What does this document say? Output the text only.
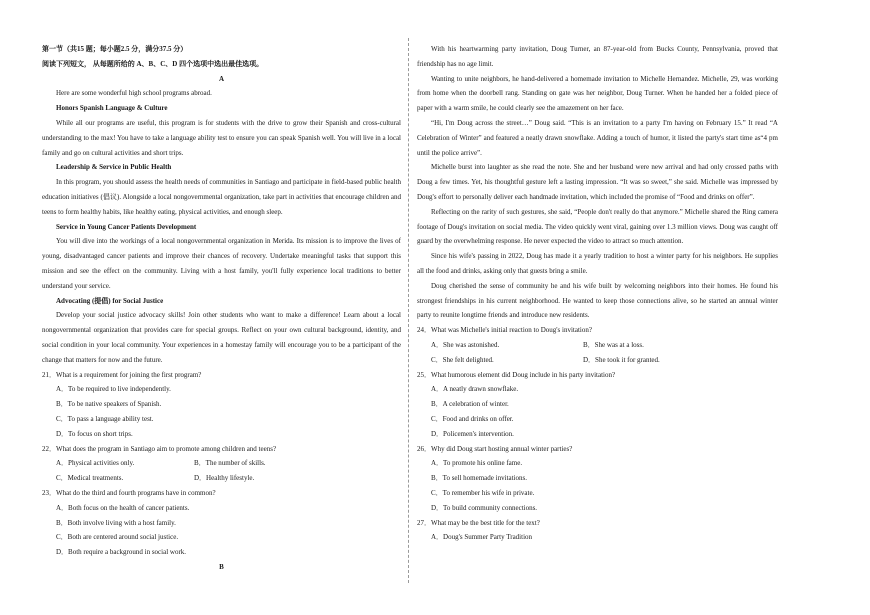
第一节（共15 题；每小题2.5 分，满分37.5 分）

阅读下列短文， 从每题所给的 A、B、C、D 四个选项中选出最佳选项。

A

Here are some wonderful high school programs abroad.

Honors Spanish Language & Culture

While all our programs are useful, this program is for students with the drive to grow their Spanish and cross-cultural understanding to the max! You have to take a language ability test to ensure you can speak Spanish well. You will live in a local family and go on cultural activities and short trips.

Leadership & Service in Public Health

In this program, you should assess the health needs of communities in Santiago and participate in field-based public health education initiatives (倡议). Alongside a local nongovernmental organization, take part in activities that encourage children and teens to form healthy habits, like healthy eating, physical activities, and enough sleep.

Service in Young Cancer Patients Development

You will dive into the workings of a local nongovernmental organization in Merida. Its mission is to improve the lives of young, disadvantaged cancer patients and improve their chances of recovery. Undertake meaningful tasks that support this mission and see the effect on the community. Living with a host family, you'll fully experience local traditions to better understand your service.

Advocating (提倡) for Social Justice

Develop your social justice advocacy skills! Join other students who want to make a difference! Learn about a local nongovernmental organization that provides care for special groups. Reflect on your own cultural background, identity, and social condition in your local community. Your experiences in a homestay family will encourage you to be a participant of the change that matters for now and the future.

21．What is a requirement for joining the first program?

A．To be required to live independently.

B．To be native speakers of Spanish.

C．To pass a language ability test.

D．To focus on short trips.

22．What does the program in Santiago aim to promote among children and teens?

A．Physical activities only.	B．The number of skills.
C．Medical treatments.	D．Healthy lifestyle.

23．What do the third and fourth programs have in common?

A．Both focus on the health of cancer patients.

B．Both involve living with a host family.

C．Both are centered around social justice.

D．Both require a background in social work.

B

With his heartwarming party invitation, Doug Turner, an 87-year-old from Bucks County, Pennsylvania, proved that friendship has no age limit.

Wanting to unite neighbors, he hand-delivered a homemade invitation to Michelle Hernandez. Michelle, 29, was working from home when the doorbell rang. Standing on gate was her neighbor, Doug Turner. When he handed her a folded piece of paper with a warm smile, he could clearly see the amazement on her face.

“Hi, I'm Doug across the street…” Doug said. “This is an invitation to a party I'm having on February 15.” It read “A Celebration of Winter” and featured a neatly drawn snowflake. Adding a touch of humor, it listed the party's start time as“4 pm until the police arrive”.

Michelle burst into laughter as she read the note. She and her husband were new arrival and had only crossed paths with Doug a few times. Yet, his thoughtful gesture left a lasting impression. “It was so sweet,” she said. Michelle was impressed by Doug's effort to personally deliver each handmade invitation, which included the promise of “Food and drinks on offer”.

Reflecting on the rarity of such gestures, she said, “People don't really do that anymore.” Michelle shared the Ring camera footage of Doug's invitation on social media. The video quickly went viral, gaining over 1.3 million views. Doug was caught off guard by the overwhelming response. He never expected the video to attract so much attention.

Since his wife's passing in 2022, Doug has made it a yearly tradition to host a winter party for his neighbors. He supplies all the food and drinks, asking only that guests bring a smile.

Doug cherished the sense of community he and his wife built by welcoming neighbors into their homes. He found his strongest friendships in his current neighborhood. He wanted to keep those connections alive, so he started an annual winter party to reunite longtime friends and introduce new residents.

24．What was Michelle's initial reaction to Doug's invitation?

A．She was astonished.	B．She was at a loss.
C．She felt delighted.	D．She took it for granted.

25．What humorous element did Doug include in his party invitation?

A．A neatly drawn snowflake.

B．A celebration of winter.

C．Food and drinks on offer.

D．Policemen's intervention.

26．Why did Doug start hosting annual winter parties?

A．To promote his online fame.

B．To sell homemade invitations.

C．To remember his wife in private.

D．To build community connections.

27．What may be the best title for the text?

A．Doug's Summer Party Tradition
